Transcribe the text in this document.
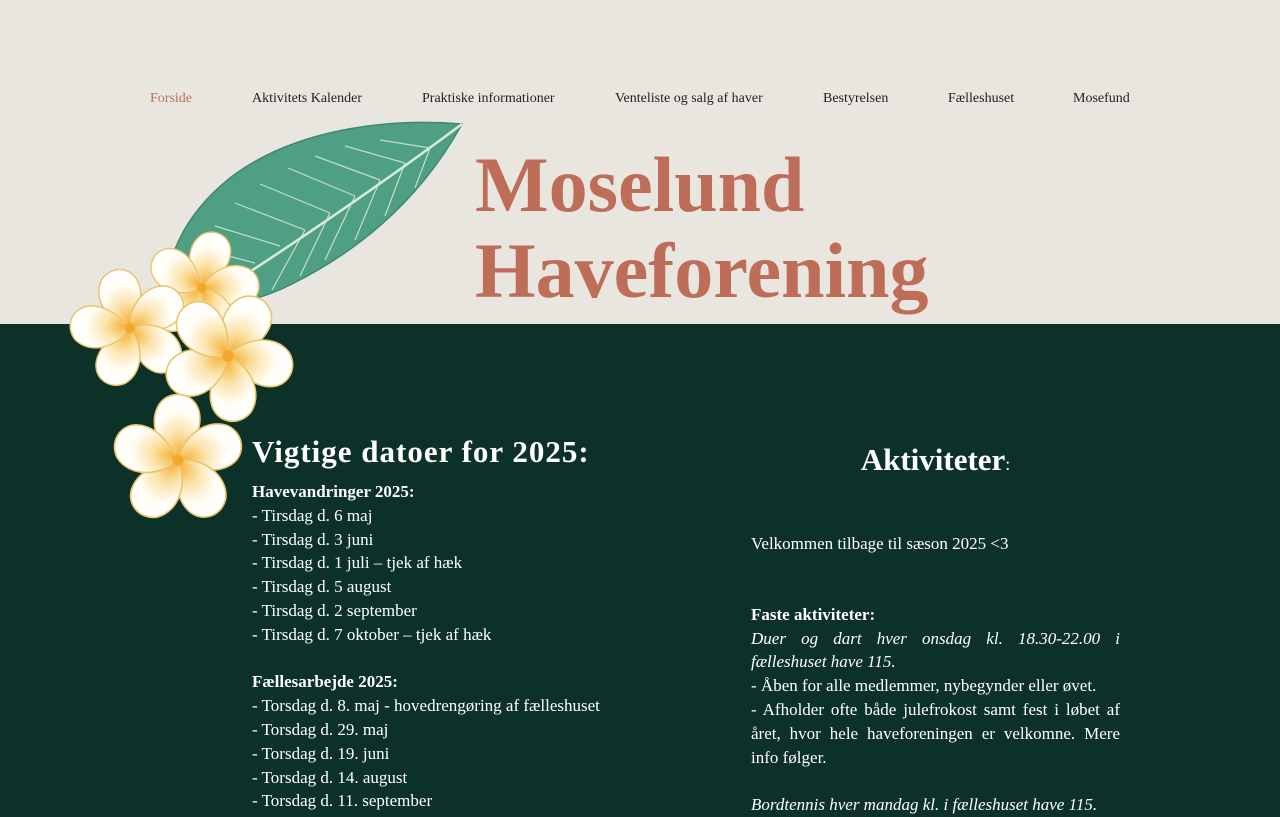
Forside	Aktivitets Kalender	Praktiske informationer	Venteliste og salg af haver	Bestyrelsen	Fælleshuset	Mosefund
Moselund
Haveforening
Vigtige datoer for 2025:
Havevandringer 2025:
- Tirsdag d. 6 maj
- Tirsdag d. 3 juni
- Tirsdag d. 1 juli – tjek af hæk
- Tirsdag d. 5 august
- Tirsdag d. 2 september
- Tirsdag d. 7 oktober – tjek af hæk
Fællesarbejde 2025:
- Torsdag d. 8. maj - hovedrengøring af fælleshuset
- Torsdag d. 29. maj
- Torsdag d. 19. juni
- Torsdag d. 14. august
- Torsdag d. 11. september
Aktiviteter:
Velkommen tilbage til sæson 2025 <3
Faste aktiviteter:
Duer og dart hver onsdag kl. 18.30-22.00 i fælleshuset have 115.
- Åben for alle medlemmer, nybegynder eller øvet.
- Afholder ofte både julefrokost samt fest i løbet af året, hvor hele haveforeningen er velkomne. Mere info følger.
Bordtennis hver mandag kl. i fælleshuset have 115.
